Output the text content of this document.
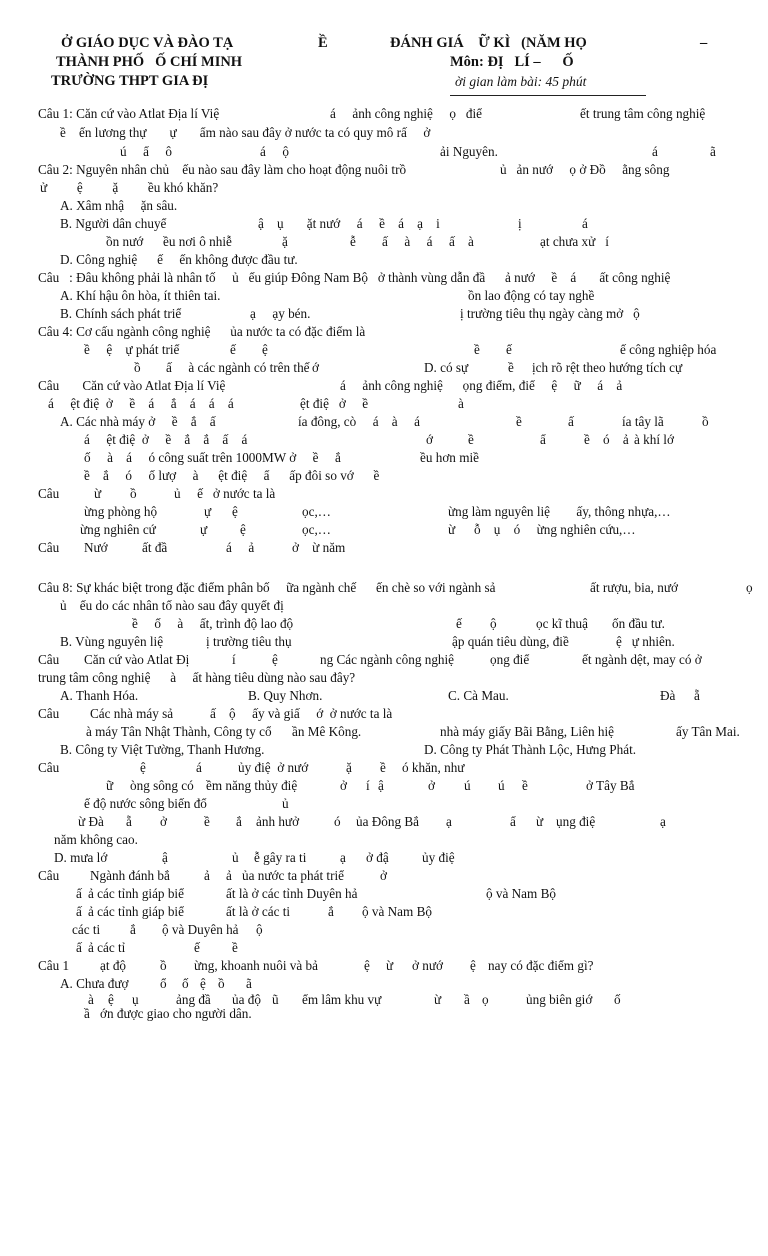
Ở GIÁO DỤC VÀ ĐÀO TẠ

	Ề

	ĐÁNH GIÁ    Ữ KÌ   (NĂM HỌ

	–

THÀNH PHỐ   Ố CHÍ MINH

	Môn: ĐỊ   LÍ –      Ố

TRƯỜNG THPT GIA ĐỊ

	ời gian làm bài: 45 phút

Câu 1: Căn cứ vào Atlat Địa lí Việ

	á     ảnh công nghiệ     ọ   điể

	ết trung tâm công nghiệ

ề    ến lương thự       ự       ẩm nào sau đây ở nước ta có quy mô rấ     ở

ú     ẩ     ô

	á     ộ

	ải Nguyên.

	á

	ã

Câu 2: Nguyên nhân chủ    ếu nào sau đây làm cho hoạt động nuôi trồ

	ủ   ản nướ     ọ ở Đồ     ằng sông

ử         ệ         ặ         ều khó khăn?

A. Xâm nhậ     ặn sâu.

B. Người dân chuyể

	ậ    ụ       ặt nướ     á     ề    á    ạ    i

	ị

	á

ồn nướ      ều nơi ô nhiễ

	ặ

	ễ

ấ     à     á     ấ    à

	ạt chưa xử   í

D. Công nghiệ      ế     ến không được đầu tư.

Câu   : Đâu không phải là nhân tố     ủ   ếu giúp Đông Nam Bộ   ở thành vùng dẫn đầ      ả nướ     ề    á       ất công nghiệ

A. Khí hậu ôn hòa, ít thiên tai.

	ồn lao động có tay nghề

B. Chính sách phát triể

	ạ     ạy bén.

	ị trường tiêu thụ ngày càng mở   ộ

Câu 4: Cơ cấu ngành công nghiệ      ủa nước ta có đặc điểm là

ề     ệ    ự phát triể

	ế

ệ

	ề

ế

	ế công nghiệp hóa

ồ

ấ     à các ngành có trên thế

ớ

	D. có sự

	ề

ịch rõ rệt theo hướng tích cự

Câu       Căn cứ vào Atlat Địa lí Việ

	á     ảnh công nghiệ      ọng điểm, điể     ệ     ữ     á    ả

á     ệt điệ  ở     ề    á     ắ    á    á    á

	ệt điệ   ở     ề

	à

A. Các nhà máy ở     ề    ắ    ấ

	ía đông, cò     á    à     á

	ề

	ấ

	ía tây lã

	ồ

á     ệt điệ  ở     ề    ắ    ắ    ấ    á

	ớ

	ề

	ẩ

	ề    ó    ả

à khí lớ

ố     à    á     ó công suất trên 1000MW ở     ề     ắ

	ều hơn miề

ề    ắ     ó     ố lượ     à      ệt điệ     ẩ      ấp đôi so vớ      ề

Câu

	ừ

ồ

	ủ     ế   ở nước ta là

ừng phòng hộ

	ự

ệ

	ọc,…

	ừng làm nguyên liệ        ấy, thông nhựa,…

ừng nghiên cứ

	ự

ệ

	ọc,…

	ừ

ỗ    ụ    ó     ừng nghiên cứu,…

Câu

Nướ

	ất đầ

	á     ả

	ở    ừ năm

Câu 8: Sự khác biệt trong đặc điểm phân bố     ữa ngành chế      ến chè so với ngành sả

	ất rượu, bia, nướ

	ọ

ủ    ếu do các nhân tố nào sau đây quyết đị

ề     ố     à     ất, trình độ lao độ

	ế

ộ

	ọc kĩ thuậ

ốn đầu tư.

B. Vùng nguyên liệ

	ị trường tiêu thụ

	ập quán tiêu dùng, điề

	ệ   ự nhiên.

Câu

Căn cứ vào Atlat Đị

	í

	ệ

	ng Các ngành công nghiệ

	ọng điể

	ết ngành dệt, may có ở

trung tâm công nghiệ      à     ất hàng tiêu dùng nào sau đây?

A. Thanh Hóa.

	B. Quy Nhơn.

	C. Cà Mau.

	Đà

ẵ

Câu

Các nhà máy sả

	ấ    ộ     ấy và giấ     ớ  ở nước ta là

à máy Tân Nhật Thành, Công ty cổ

ần Mê Kông.

	nhà máy giấy Bãi Bằng, Liên hiệ

	ấy Tân Mai.

B. Công ty Việt Tường, Thanh Hương.

	D. Công ty Phát Thành Lộc, Hưng Phát.

Câu

	ệ

	á

	ủy điệ  ở nướ

	ặ

ề

ó khăn, như

ữ

òng sông có

ềm năng thủy điệ

	ở

í

ậ

	ở

ú

ú

ề

	ở Tây Bắ

ế độ nước sông biến đổ

	ủ

ừ Đà

ẵ

ở

	ề

ắ

ảnh hưở

	ó

ủa Đông Bắ

ạ

	ẩ

ừ

ụng điệ

	ạ

năm không cao.

D. mưa lớ

	ậ

	ủ

ễ gây ra ti

	ạ

ở đậ

	ủy điệ

Câu

Ngành đánh bắ

	ả

ả

ủa nước ta phát triể

	ở

ấ

ả các tỉnh giáp biể

	ất là ở các tỉnh Duyên hả

	ộ và Nam Bộ

ấ

ả các tỉnh giáp biể

	ất là ở các ti

	ắ

ộ và Nam Bộ

các ti

ắ

ộ và Duyên hả

ộ

ấ

ả các tỉ

	ế

ề

Câu 1

ạt độ

	ồ

ừng, khoanh nuôi và bả

	ệ

ừ

ở nướ

ệ

nay có đặc điểm gì?

A. Chưa đượ

ổ

ố

ệ

ồ

ã

à

ệ

ụ

	ảng đầ

ủa độ

ũ

ểm lâm khu vự

	ừ

ầ

ọ

	ủng biên giớ

ố

ầ

ớn được giao cho người dân.
